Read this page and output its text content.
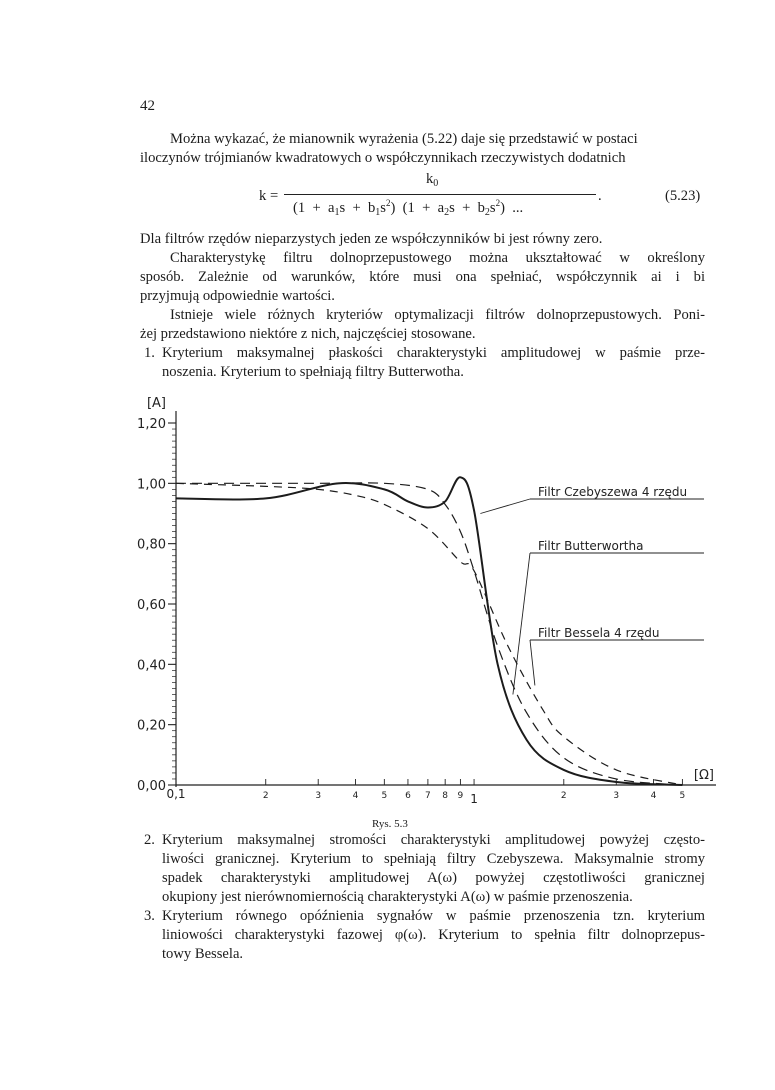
42
Można wykazać, że mianownik wyrażenia (5.22) daje się przedstawić w postaci
iloczynów trójmianów kwadratowych o współczynnikach rzeczywistych dodatnich
k =
$k_0$
$(1 + a_1s + b_1s^2)$  $(1 + a_2s + b_2s^2)$  ...
.	(5.23)
Dla filtrów rzędów nieparzystych jeden ze współczynników bi jest równy zero.
Charakterystykę filtru dolnoprzepustowego można ukształtować w określony
sposób. Zależnie od warunków, które musi ona spełniać, współczynnik ai i bi
przyjmują odpowiednie wartości.
Istnieje wiele różnych kryteriów optymalizacji filtrów dolnoprzepustowych. Poni-
żej przedstawiono niektóre z nich, najczęściej stosowane.
1. Kryterium maksymalnej płaskości charakterystyki amplitudowej w paśmie prze-
noszenia. Kryterium to spełniają filtry Butterwotha.
0,00
0,20
0,40
0,60
0,80
1,00
1,20
[A]
0,1	2	3	4	5 6 7 8 9 1	2	3	4	5
[Ω]
Filtr Czebyszewa 4 rzędu
Filtr Butterwortha
Filtr Bessela 4 rzędu
Rys. 5.3
2. Kryterium maksymalnej stromości charakterystyki amplitudowej powyżej często-
liwości granicznej. Kryterium to spełniają filtry Czebyszewa. Maksymalnie stromy
spadek charakterystyki amplitudowej A(ω) powyżej częstotliwości granicznej
okupiony jest nierównomiernością charakterystyki A(ω) w paśmie przenoszenia.
3. Kryterium równego opóźnienia sygnałów w paśmie przenoszenia tzn. kryterium
liniowości charakterystyki fazowej φ(ω). Kryterium to spełnia filtr dolnoprzepus-
towy Bessela.
